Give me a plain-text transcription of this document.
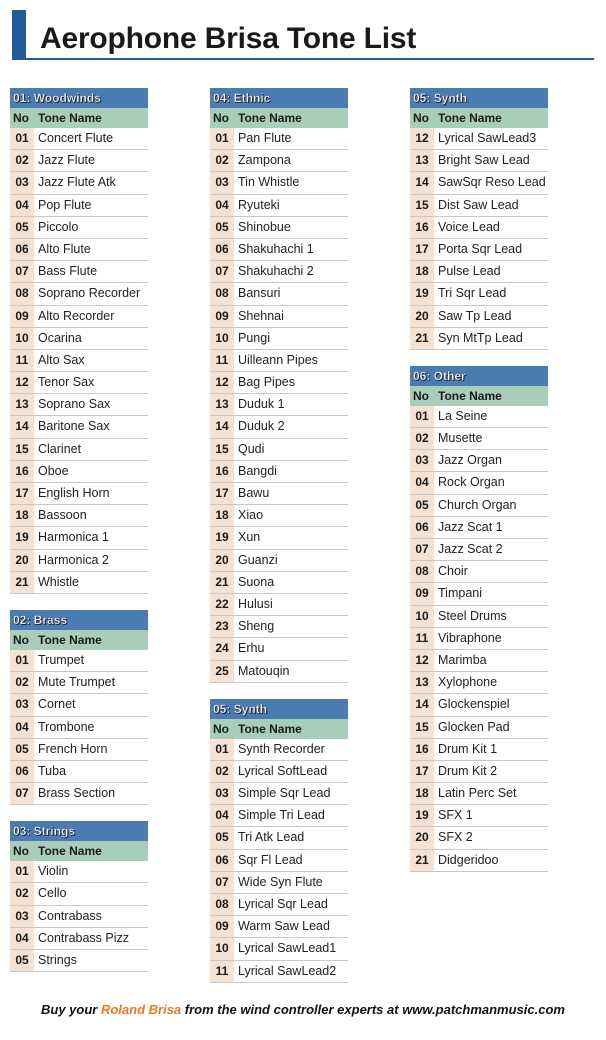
Aerophone Brisa Tone List
01: Woodwinds
No Tone Name
01 Concert Flute
02 Jazz Flute
03 Jazz Flute Atk
04 Pop Flute
05 Piccolo
06 Alto Flute
07 Bass Flute
08 Soprano Recorder
09 Alto Recorder
10 Ocarina
11 Alto Sax
12 Tenor Sax
13 Soprano Sax
14 Baritone Sax
15 Clarinet
16 Oboe
17 English Horn
18 Bassoon
19 Harmonica 1
20 Harmonica 2
21 Whistle
02: Brass
No Tone Name
01 Trumpet
02 Mute Trumpet
03 Cornet
04 Trombone
05 French Horn
06 Tuba
07 Brass Section
03: Strings
No Tone Name
01 Violin
02 Cello
03 Contrabass
04 Contrabass Pizz
05 Strings
04: Ethnic
No Tone Name
01 Pan Flute
02 Zampona
03 Tin Whistle
04 Ryuteki
05 Shinobue
06 Shakuhachi 1
07 Shakuhachi 2
08 Bansuri
09 Shehnai
10 Pungi
11 Uilleann Pipes
12 Bag Pipes
13 Duduk 1
14 Duduk 2
15 Qudi
16 Bangdi
17 Bawu
18 Xiao
19 Xun
20 Guanzi
21 Suona
22 Hulusi
23 Sheng
24 Erhu
25 Matouqin
05: Synth
No Tone Name
01 Synth Recorder
02 Lyrical SoftLead
03 Simple Sqr Lead
04 Simple Tri Lead
05 Tri Atk Lead
06 Sqr Fl Lead
07 Wide Syn Flute
08 Lyrical Sqr Lead
09 Warm Saw Lead
10 Lyrical SawLead1
11 Lyrical SawLead2
05: Synth
No Tone Name
12 Lyrical SawLead3
13 Bright Saw Lead
14 SawSqr Reso Lead
15 Dist Saw Lead
16 Voice Lead
17 Porta Sqr Lead
18 Pulse Lead
19 Tri Sqr Lead
20 Saw Tp Lead
21 Syn MtTp Lead
06: Other
No Tone Name
01 La Seine
02 Musette
03 Jazz Organ
04 Rock Organ
05 Church Organ
06 Jazz Scat 1
07 Jazz Scat 2
08 Choir
09 Timpani
10 Steel Drums
11 Vibraphone
12 Marimba
13 Xylophone
14 Glockenspiel
15 Glocken Pad
16 Drum Kit 1
17 Drum Kit 2
18 Latin Perc Set
19 SFX 1
20 SFX 2
21 Didgeridoo
Buy your Roland Brisa from the wind controller experts at www.patchmanmusic.com
